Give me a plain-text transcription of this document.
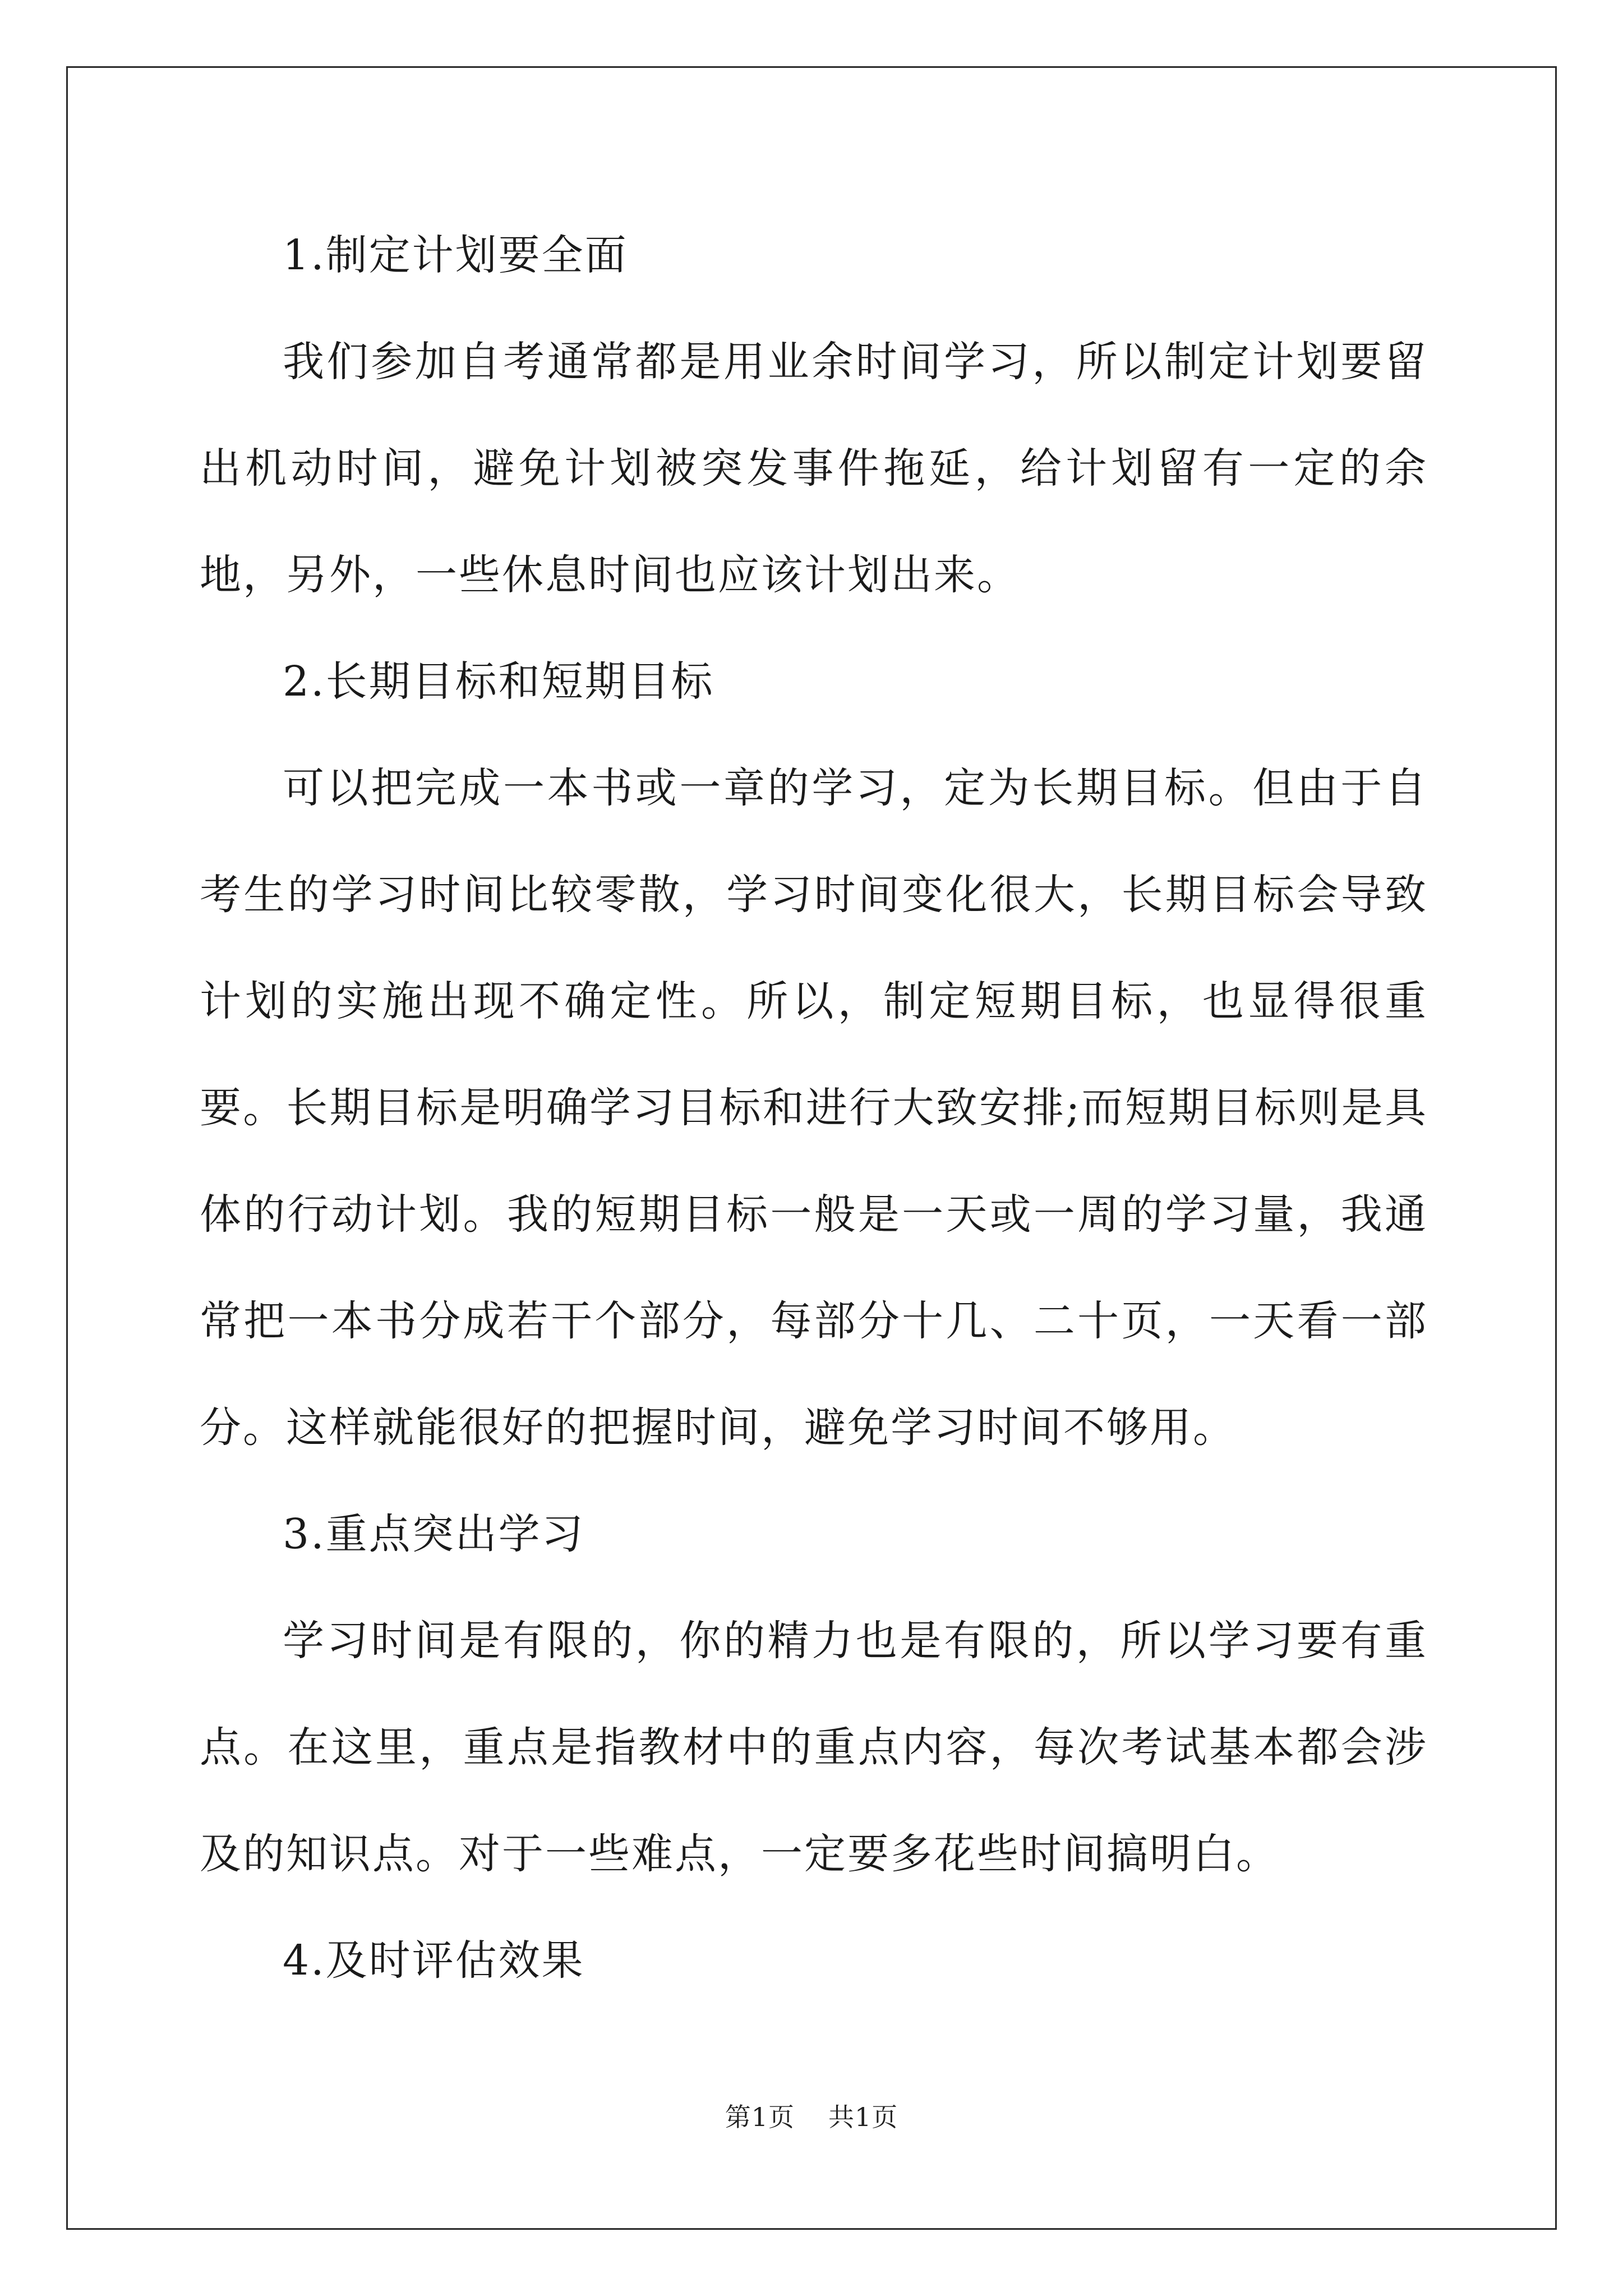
1.制定计划要全面

我们参加自考通常都是用业余时间学习，所以制定计划要留出机动时间，避免计划被突发事件拖延，给计划留有一定的余地，另外，一些休息时间也应该计划出来。

2.长期目标和短期目标

可以把完成一本书或一章的学习，定为长期目标。但由于自考生的学习时间比较零散，学习时间变化很大，长期目标会导致计划的实施出现不确定性。所以，制定短期目标，也显得很重要。长期目标是明确学习目标和进行大致安排;而短期目标则是具体的行动计划。我的短期目标一般是一天或一周的学习量，我通常把一本书分成若干个部分，每部分十几、二十页，一天看一部分。这样就能很好的把握时间，避免学习时间不够用。

3.重点突出学习

学习时间是有限的，你的精力也是有限的，所以学习要有重点。在这里，重点是指教材中的重点内容，每次考试基本都会涉及的知识点。对于一些难点，一定要多花些时间搞明白。

4.及时评估效果

第1页 共1页
